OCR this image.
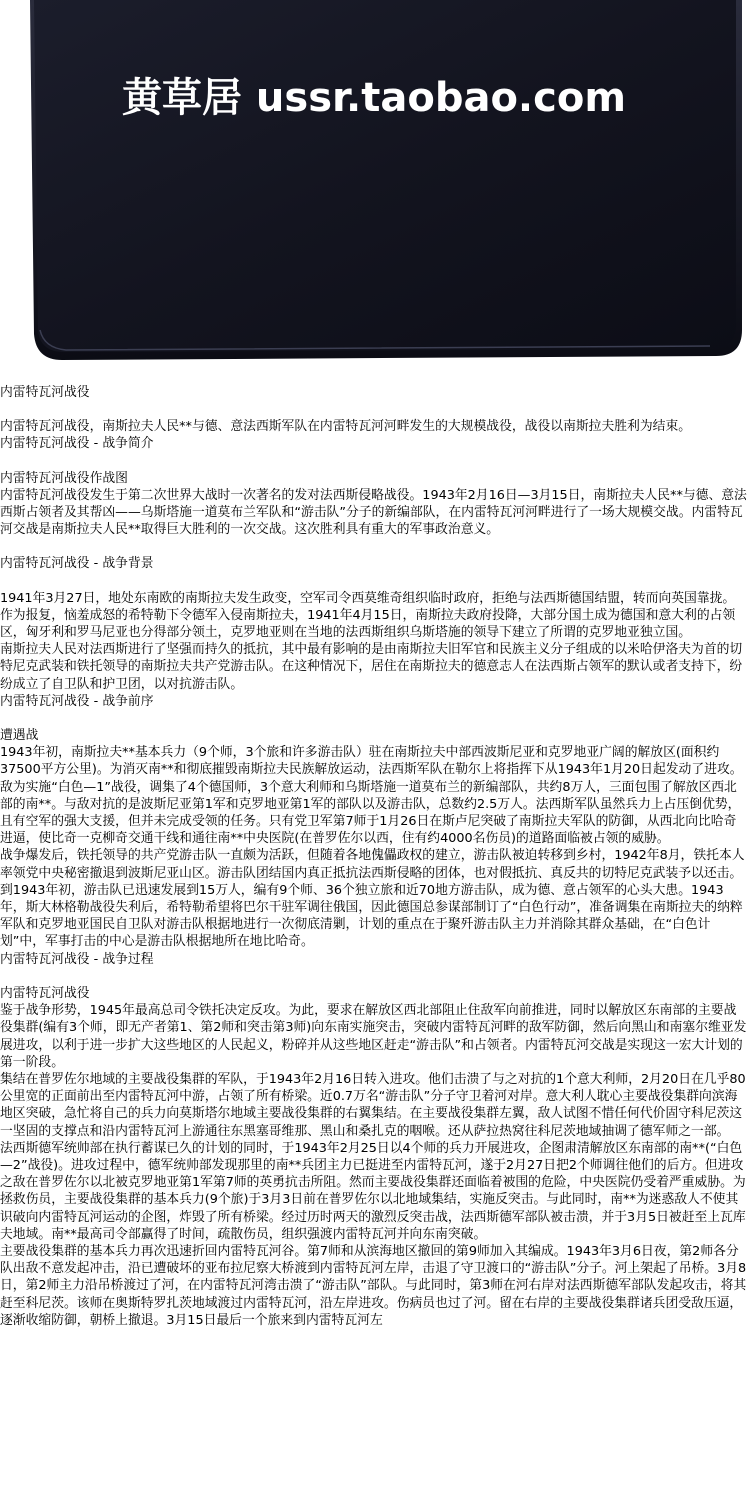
黄草居 ussr.taobao.com

内雷特瓦河战役

内雷特瓦河战役，南斯拉夫人民**与德、意法西斯军队在内雷特瓦河河畔发生的大规模战役，战役以南斯拉夫胜利为结束。

内雷特瓦河战役 - 战争简介

内雷特瓦河战役作战图

内雷特瓦河战役发生于第二次世界大战时一次著名的发对法西斯侵略战役。1943年2月16日—3月15日，南斯拉夫人民**与德、意法西斯占领者及其帮凶——乌斯塔施一道莫布兰军队和“游击队”分子的新编部队，在内雷特瓦河河畔进行了一场大规模交战。内雷特瓦河交战是南斯拉夫人民**取得巨大胜利的一次交战。这次胜利具有重大的军事政治意义。

内雷特瓦河战役 - 战争背景

1941年3月27日，地处东南欧的南斯拉夫发生政变，空军司令西莫维奇组织临时政府，拒绝与法西斯德国结盟，转而向英国靠拢。作为报复，恼羞成怒的希特勒下令德军入侵南斯拉夫，1941年4月15日，南斯拉夫政府投降，大部分国土成为德国和意大利的占领区，匈牙利和罗马尼亚也分得部分领土，克罗地亚则在当地的法西斯组织乌斯塔施的领导下建立了所谓的克罗地亚独立国。

南斯拉夫人民对法西斯进行了坚强而持久的抵抗，其中最有影响的是由南斯拉夫旧军官和民族主义分子组成的以米哈伊洛夫为首的切特尼克武装和铁托领导的南斯拉夫共产党游击队。在这种情况下，居住在南斯拉夫的德意志人在法西斯占领军的默认或者支持下，纷纷成立了自卫队和护卫团，以对抗游击队。

内雷特瓦河战役 - 战争前序

遭遇战

1943年初，南斯拉夫**基本兵力（9个师，3个旅和许多游击队）驻在南斯拉夫中部西波斯尼亚和克罗地亚广阔的解放区(面积约37500平方公里)。为消灭南**和彻底摧毁南斯拉夫民族解放运动，法西斯军队在勒尔上将指挥下从1943年1月20日起发动了进攻。敌为实施“白色—1”战役，调集了4个德国师，3个意大利师和乌斯塔施一道莫布兰的新编部队，共约8万人，三面包围了解放区西北部的南**。与敌对抗的是波斯尼亚第1军和克罗地亚第1军的部队以及游击队，总数约2.5万人。法西斯军队虽然兵力上占压倒优势，且有空军的强大支援，但并未完成受领的任务。只有党卫军第7师于1月26日在斯卢尼突破了南斯拉夫军队的防御，从西北向比哈奇进逼，使比奇一克柳奇交通干线和通往南**中央医院(在普罗佐尔以西，住有约4000名伤员)的道路面临被占领的威胁。

战争爆发后，铁托领导的共产党游击队一直颇为活跃，但随着各地傀儡政权的建立，游击队被迫转移到乡村，1942年8月，铁托本人率领党中央秘密撤退到波斯尼亚山区。游击队团结国内真正抵抗法西斯侵略的团体，也对假抵抗、真反共的切特尼克武装予以还击。到1943年初，游击队已迅速发展到15万人，编有9个师、36个独立旅和近70地方游击队，成为德、意占领军的心头大患。1943年，斯大林格勒战役失利后，希特勒希望将巴尔干驻军调往俄国，因此德国总参谋部制订了“白色行动”，准备调集在南斯拉夫的纳粹军队和克罗地亚国民自卫队对游击队根据地进行一次彻底清剿，计划的重点在于聚歼游击队主力并消除其群众基础，在“白色计划”中，军事打击的中心是游击队根据地所在地比哈奇。

内雷特瓦河战役 - 战争过程

内雷特瓦河战役

鉴于战争形势，1945年最高总司令铁托决定反攻。为此，要求在解放区西北部阻止住敌军向前推进，同时以解放区东南部的主要战役集群(编有3个师，即无产者第1、第2师和突击第3师)向东南实施突击，突破内雷特瓦河畔的敌军防御，然后向黑山和南塞尔维亚发展进攻，以利于进一步扩大这些地区的人民起义，粉碎并从这些地区赶走“游击队”和占领者。内雷特瓦河交战是实现这一宏大计划的第一阶段。

集结在普罗佐尔地域的主要战役集群的军队，于1943年2月16日转入进攻。他们击溃了与之对抗的1个意大利师，2月20日在几乎80公里宽的正面前出至内雷特瓦河中游，占领了所有桥梁。近0.7万名“游击队”分子守卫着河对岸。意大利人耽心主要战役集群向滨海地区突破，急忙将自己的兵力向莫斯塔尔地域主要战役集群的右翼集结。在主要战役集群左翼，敌人试图不惜任何代价固守科尼茨这一坚固的支撑点和沿内雷特瓦河上游通往东黑塞哥维那、黑山和桑扎克的咽喉。还从萨拉热窝往科尼茨地域抽调了德军师之一部。

法西斯德军统帅部在执行蓄谋已久的计划的同时，于1943年2月25日以4个师的兵力开展进攻，企图肃清解放区东南部的南**(“白色—2”战役)。进攻过程中，德军统帅部发现那里的南**兵团主力已挺进至内雷特瓦河，遂于2月27日把2个师调往他们的后方。但进攻之敌在普罗佐尔以北被克罗地亚第1军第7师的英勇抗击所阻。然而主要战役集群还面临着被围的危险，中央医院仍受着严重威胁。为拯救伤员，主要战役集群的基本兵力(9个旅)于3月3日前在普罗佐尔以北地域集结，实施反突击。与此同时，南**为迷惑敌人不使其识破向内雷特瓦河运动的企图，炸毁了所有桥梁。经过历时两天的激烈反突击战，法西斯德军部队被击溃，并于3月5日被赶至上瓦库夫地域。南**最高司令部赢得了时间，疏散伤员，组织强渡内雷特瓦河并向东南突破。

主要战役集群的基本兵力再次迅速折回内雷特瓦河谷。第7师和从滨海地区撤回的第9师加入其编成。1943年3月6日夜，第2师各分队出敌不意发起冲击，沿已遭破坏的亚布拉尼察大桥渡到内雷特瓦河左岸，击退了守卫渡口的“游击队”分子。河上架起了吊桥。3月8日，第2师主力沿吊桥渡过了河，在内雷特瓦河湾击溃了“游击队”部队。与此同时，第3师在河右岸对法西斯德军部队发起攻击，将其赶至科尼茨。该师在奥斯特罗扎茨地域渡过内雷特瓦河，沿左岸进攻。伤病员也过了河。留在右岸的主要战役集群诸兵团受敌压逼，逐渐收缩防御，朝桥上撤退。3月15日最后一个旅来到内雷特瓦河左
